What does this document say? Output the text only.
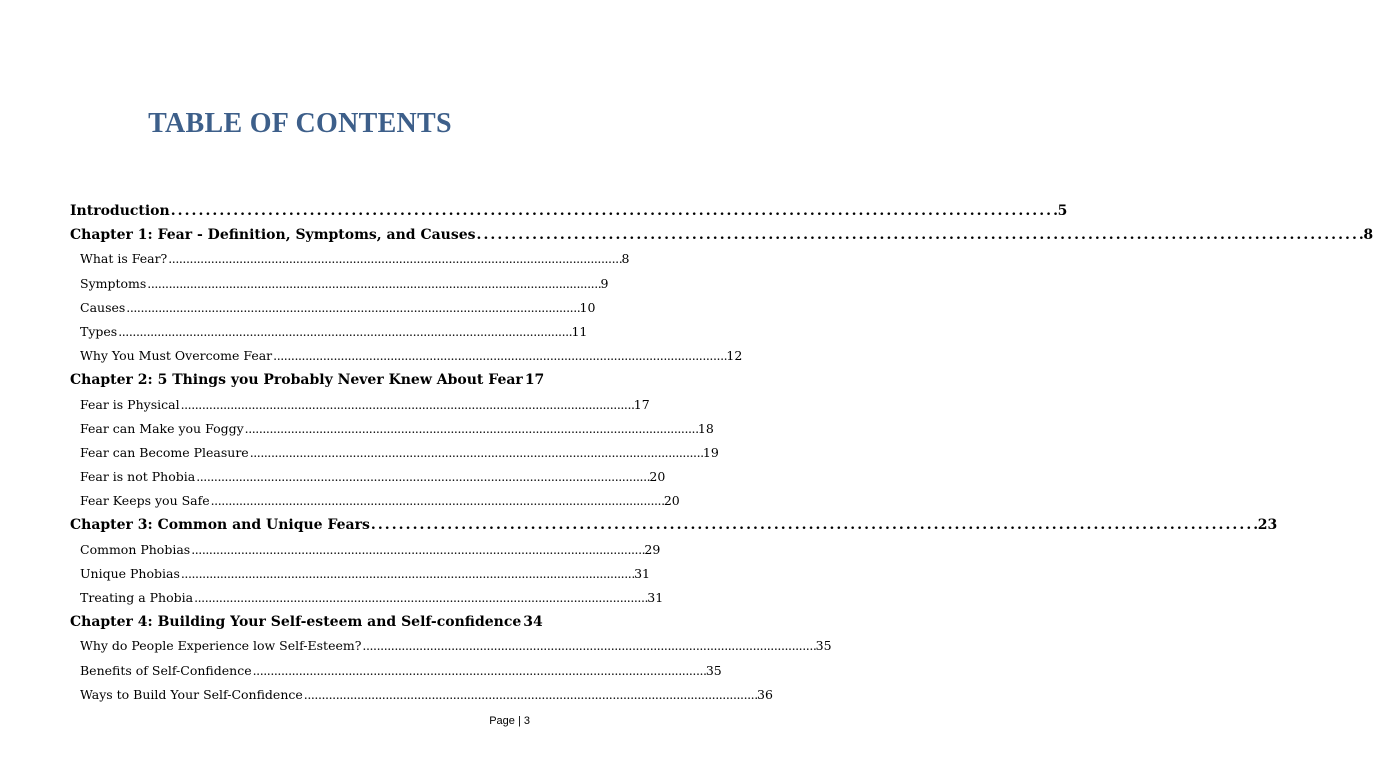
TABLE OF CONTENTS
Introduction . . .	5
Chapter 1: Fear - Definition, Symptoms, and Causes . . .	8
What is Fear? . . .	8
Symptoms . . .	9
Causes . . .	10
Types . . .	11
Why You Must Overcome Fear . . .	12
Chapter 2: 5 Things you Probably Never Knew About Fear 17
Fear is Physical . . .	17
Fear can Make you Foggy . . .	18
Fear can Become Pleasure . . .	19
Fear is not Phobia . . .	20
Fear Keeps you Safe . . .	20
Chapter 3: Common and Unique Fears . . .	23
Common Phobias . . .	29
Unique Phobias . . .	31
Treating a Phobia . . .	31
Chapter 4: Building Your Self-esteem and Self-confidence 34
Why do People Experience low Self-Esteem? . . .	35
Benefits of Self-Confidence . . .	35
Ways to Build Your Self-Confidence . . .	36
Page | 3
